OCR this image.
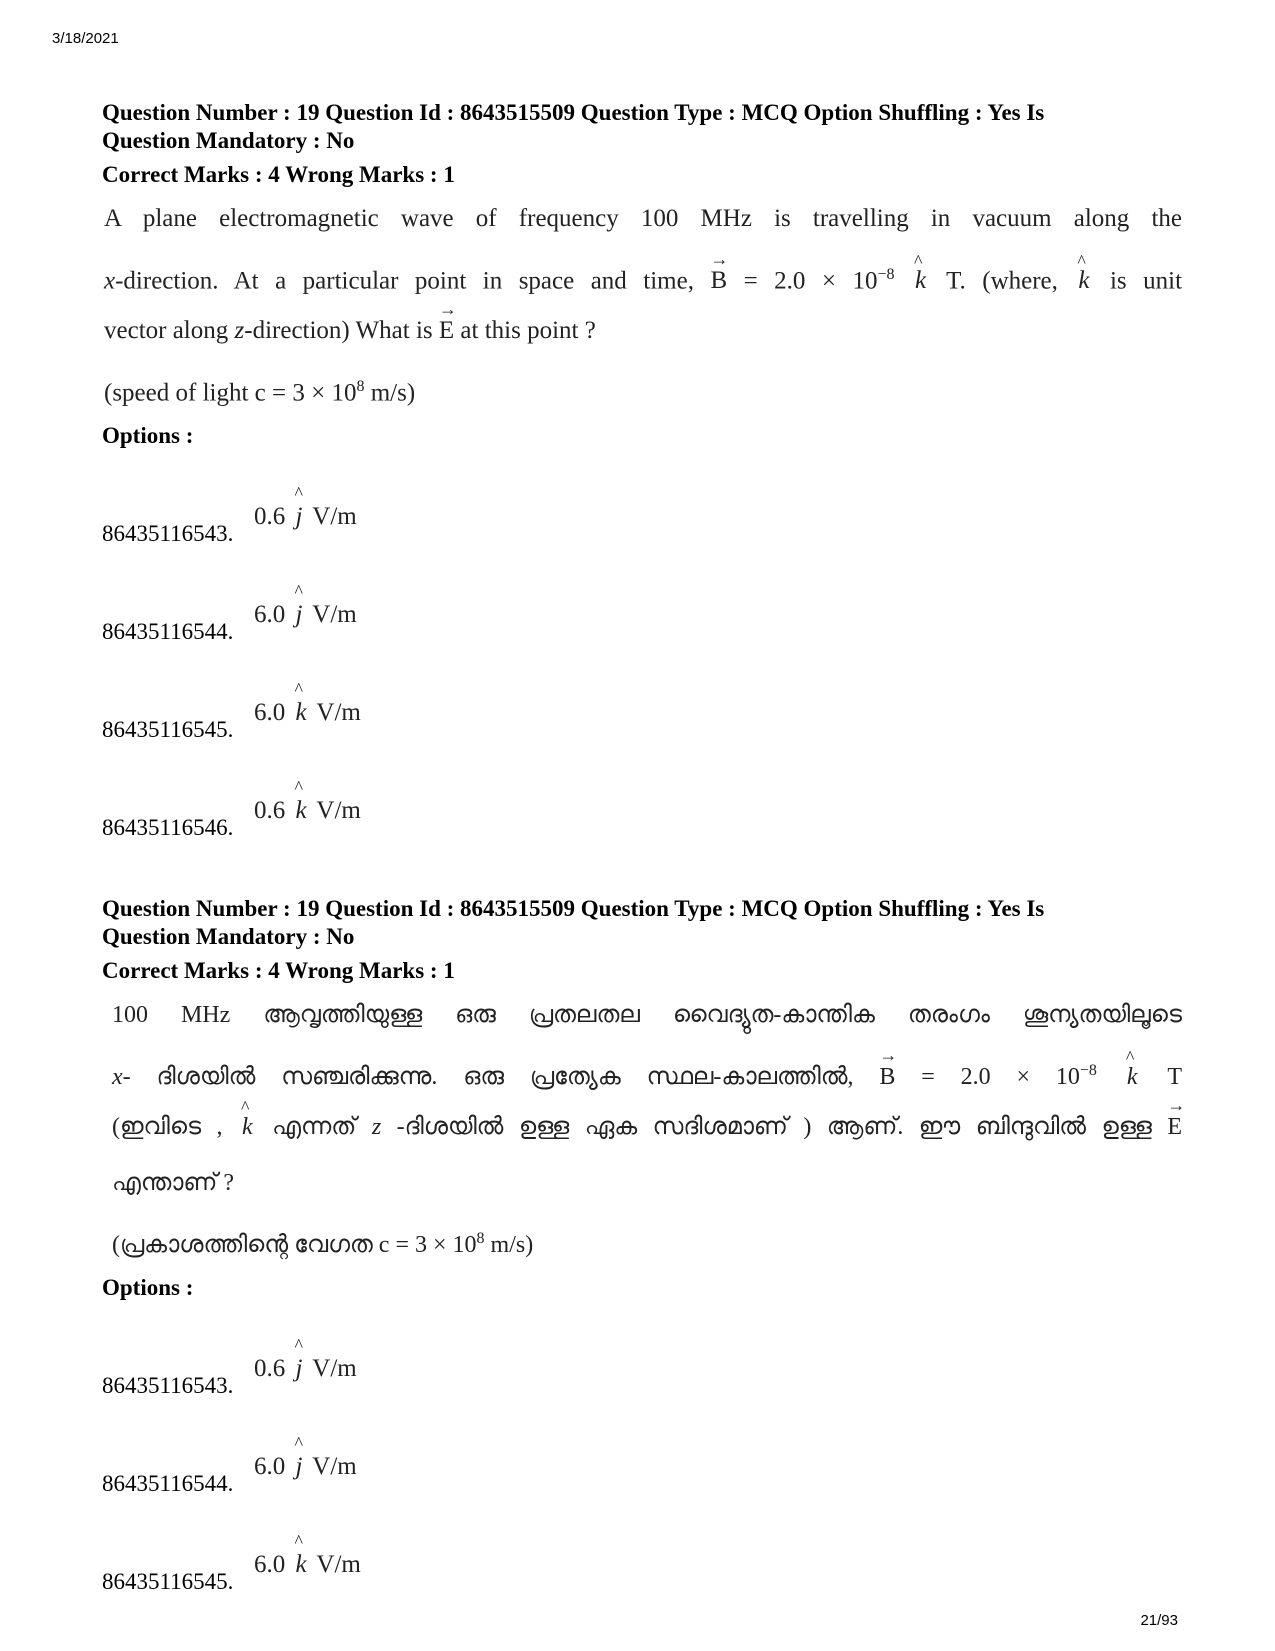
3/18/2021

Question Number : 19 Question Id : 8643515509 Question Type : MCQ Option Shuffling : Yes Is

Question Mandatory : No

Correct Marks : 4 Wrong Marks : 1
A plane electromagnetic wave of frequency 100 MHz is travelling in vacuum along the
x-direction. At a particular point in space and time, → $B = 2.0 \times 10^{-8}$ ^ k T. (where, ^ k is unit
vector along z-direction) What is → E at this point ?
(speed of light $c = 3 \times 10^8$ m/s)
Options :
86435116543.
0.6 ^ j V/m
86435116544.
6.0 ^ j V/m
86435116545.
6.0 ^ k V/m
86435116546.
0.6 ^ k V/m

Question Number : 19 Question Id : 8643515509 Question Type : MCQ Option Shuffling : Yes Is

Question Mandatory : No

Correct Marks : 4 Wrong Marks : 1
100 MHz ആവൃത്തിയുള്ള ഒരു പ്രതലതല വൈദ്യുത-കാന്തിക തരംഗം ശൂന്യതയിലൂടെ
x- ദിശയിൽ സഞ്ചരിക്കുന്നു. ഒരു പ്രത്യേക സ്ഥല-കാലത്തിൽ, → $B = 2.0 \times 10^{-8}$ ^ k T
(ഇവിടെ , ^ k എന്നത് z -ദിശയിൽ ഉള്ള ഏക സദിശമാണ് ) ആണ്. ഈ ബിന്ദുവിൽ ഉള്ള → E
എന്താണ് ?
(പ്രകാശത്തിന്റെ വേഗത $c = 3 \times 10^8$ m/s)
Options :
86435116543.
0.6 ^ j V/m
86435116544.
6.0 ^ j V/m
86435116545.
6.0 ^ k V/m
21/93
